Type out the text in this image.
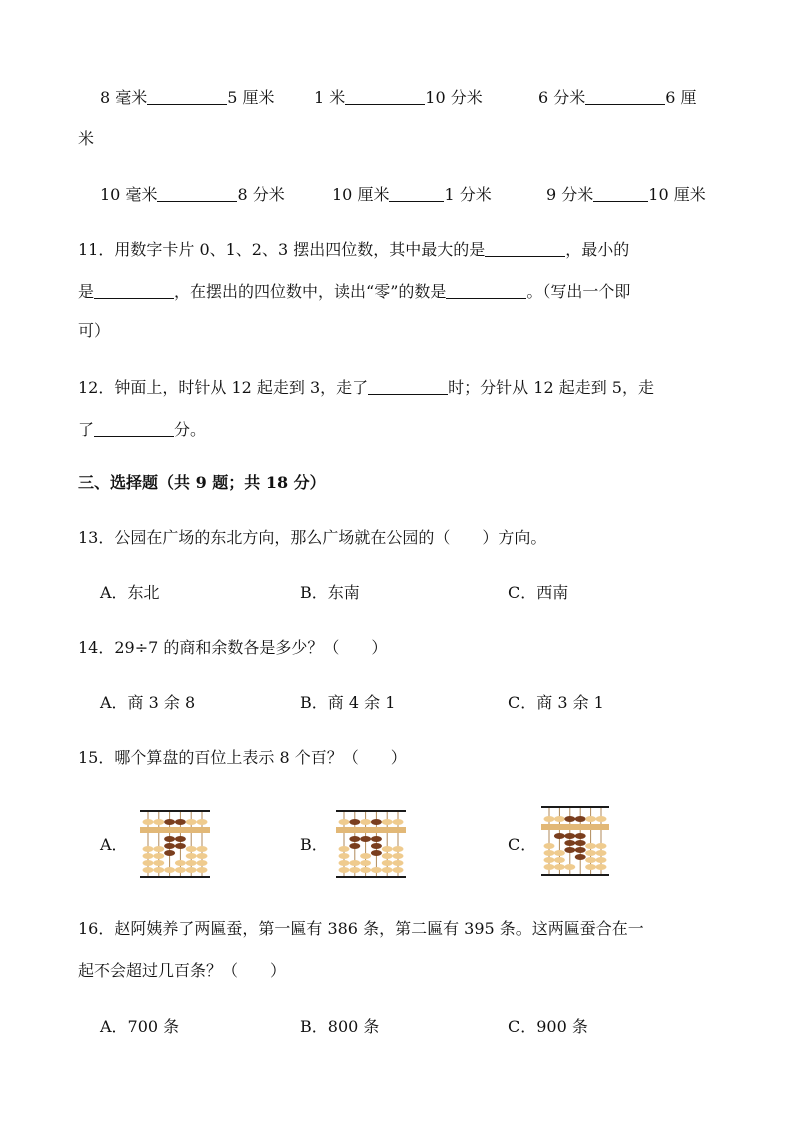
8 毫米	5 厘米 1 米	10 分米	6 分米	6 厘
米
10 毫米	8 分米	10 厘米	1 分米	9 分米	10 厘米
11．用数字卡片 0、1、2、3 摆出四位数，其中最大的是	，最小的
是	，在摆出的四位数中，读出“零”的数是	。（写出一个即
可）
12．钟面上，时针从 12 起走到 3，走了	时；分针从 12 起走到 5，走
了	分。
三、选择题（共 9 题；共 18 分）
13．公园在广场的东北方向，那么广场就在公园的（　　）方向。
A．东北	B．东南	C．西南
14．29÷7 的商和余数各是多少？（　　）
A．商 3 余 8	B．商 4 余 1	C．商 3 余 1
15．哪个算盘的百位上表示 8 个百？（　　）
A．	B．	C．
16．赵阿姨养了两匾蚕，第一匾有 386 条，第二匾有 395 条。这两匾蚕合在一
起不会超过几百条？（　　）
A．700 条	B．800 条	C．900 条
